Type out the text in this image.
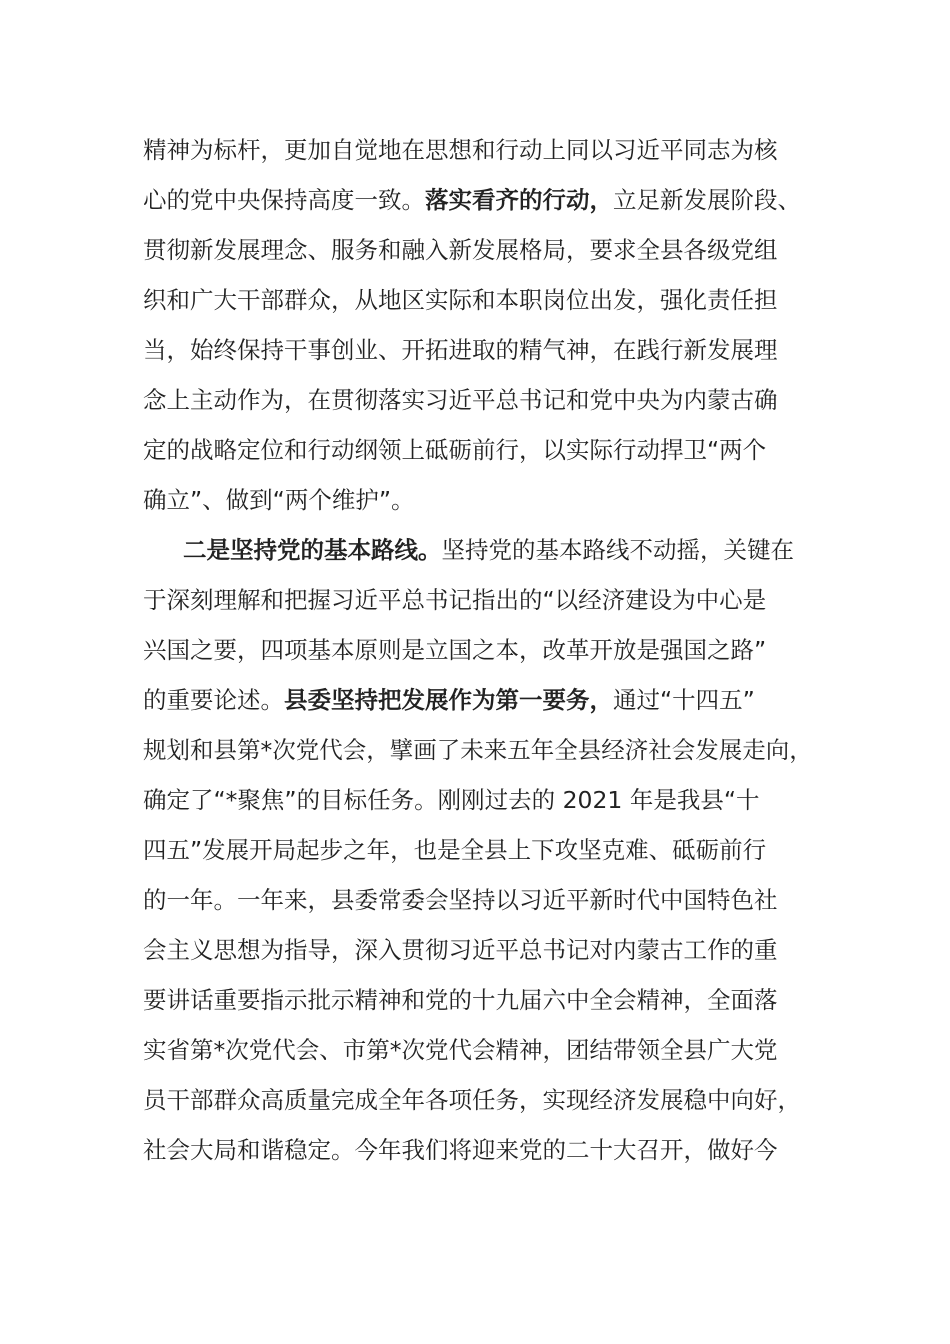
精神为标杆，更加自觉地在思想和行动上同以习近平同志为核
心的党中央保持高度一致。落实看齐的行动，立足新发展阶段、
贯彻新发展理念、服务和融入新发展格局，要求全县各级党组
织和广大干部群众，从地区实际和本职岗位出发，强化责任担
当，始终保持干事创业、开拓进取的精气神，在践行新发展理
念上主动作为，在贯彻落实习近平总书记和党中央为内蒙古确
定的战略定位和行动纲领上砥砺前行，以实际行动捍卫“两个
确立”、做到“两个维护”。
二是坚持党的基本路线。坚持党的基本路线不动摇，关键在
于深刻理解和把握习近平总书记指出的“以经济建设为中心是
兴国之要，四项基本原则是立国之本，改革开放是强国之路”
的重要论述。县委坚持把发展作为第一要务，通过“十四五”
规划和县第*次党代会，擘画了未来五年全县经济社会发展走向，
确定了“*聚焦”的目标任务。刚刚过去的 2021 年是我县“十
四五”发展开局起步之年，也是全县上下攻坚克难、砥砺前行
的一年。一年来，县委常委会坚持以习近平新时代中国特色社
会主义思想为指导，深入贯彻习近平总书记对内蒙古工作的重
要讲话重要指示批示精神和党的十九届六中全会精神，全面落
实省第*次党代会、市第*次党代会精神，团结带领全县广大党
员干部群众高质量完成全年各项任务，实现经济发展稳中向好，
社会大局和谐稳定。今年我们将迎来党的二十大召开，做好今
